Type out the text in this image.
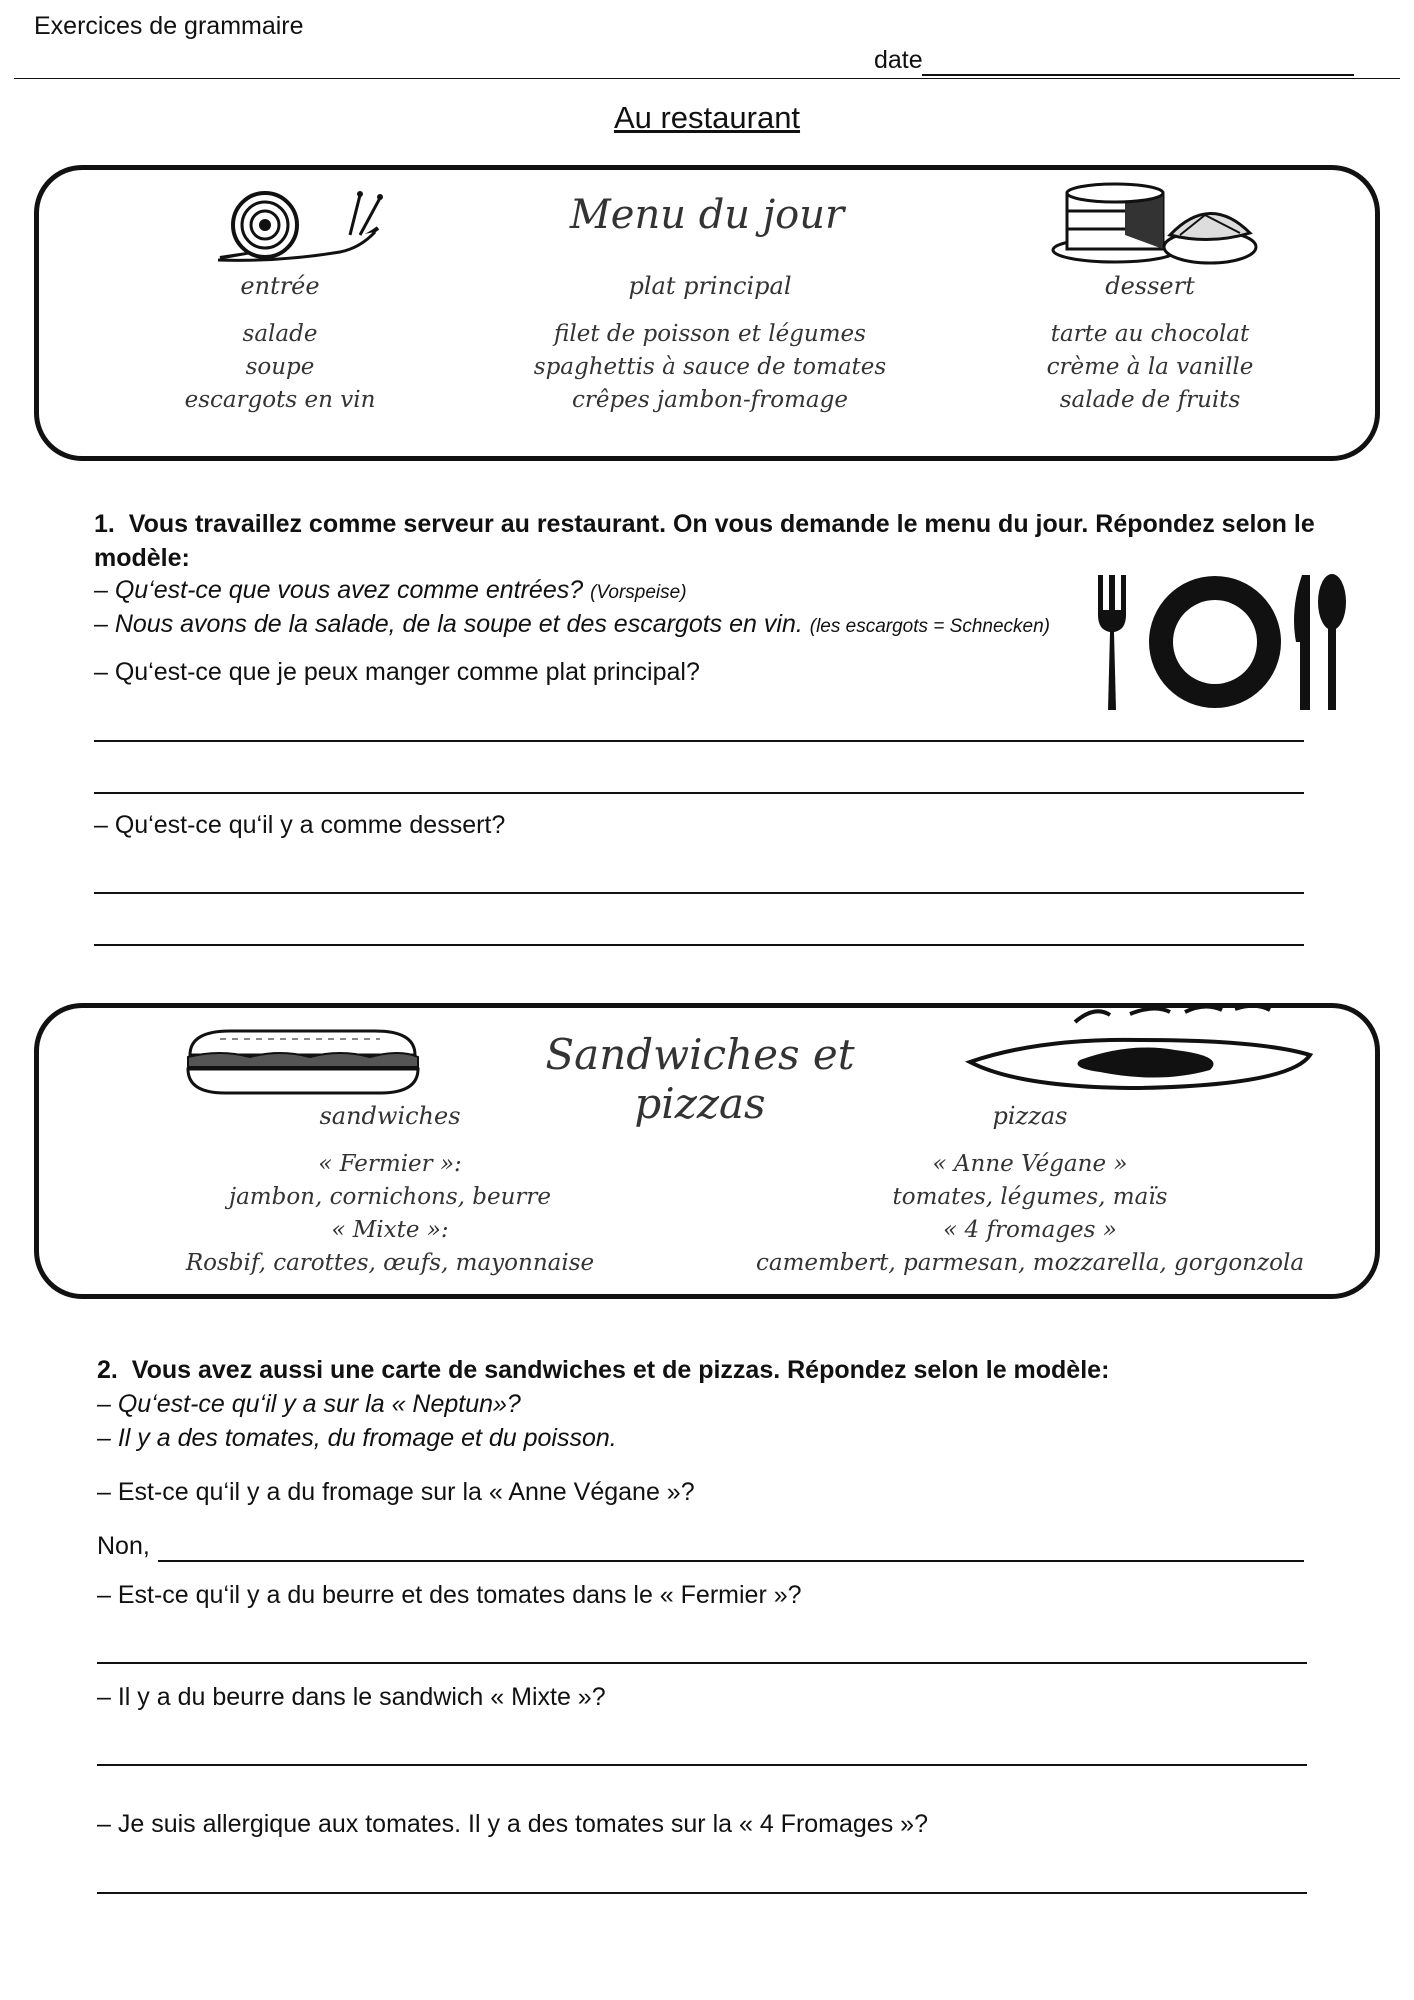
Exercices de grammaire
date
Au restaurant
Menu du jour
entrée
salade
soupe
escargots en vin
plat principal
filet de poisson et légumes
spaghettis à sauce de tomates
crêpes jambon-fromage
dessert
tarte au chocolat
crème à la vanille
salade de fruits
1. Vous travaillez comme serveur au restaurant. On vous demande le menu du jour. Répondez selon le modèle:
– Qu‘est-ce que vous avez comme entrées? (Vorspeise)
– Nous avons de la salade, de la soupe et des escargots en vin. (les escargots = Schnecken)
– Qu‘est-ce que je peux manger comme plat principal?
– Qu‘est-ce qu‘il y a comme dessert?
Sandwiches et pizzas
sandwiches
« Fermier »:
jambon, cornichons, beurre
« Mixte »:
Rosbif, carottes, œufs, mayonnaise
pizzas
« Anne Végane »
tomates, légumes, maïs
« 4 fromages »
camembert, parmesan, mozzarella, gorgonzola
2. Vous avez aussi une carte de sandwiches et de pizzas. Répondez selon le modèle:
– Qu‘est-ce qu‘il y a sur la « Neptun»?
– Il y a des tomates, du fromage et du poisson.
– Est-ce qu‘il y a du fromage sur la « Anne Végane »?
Non,
– Est-ce qu‘il y a du beurre et des tomates dans le « Fermier »?
– Il y a du beurre dans le sandwich « Mixte »?
– Je suis allergique aux tomates. Il y a des tomates sur la « 4 Fromages »?
